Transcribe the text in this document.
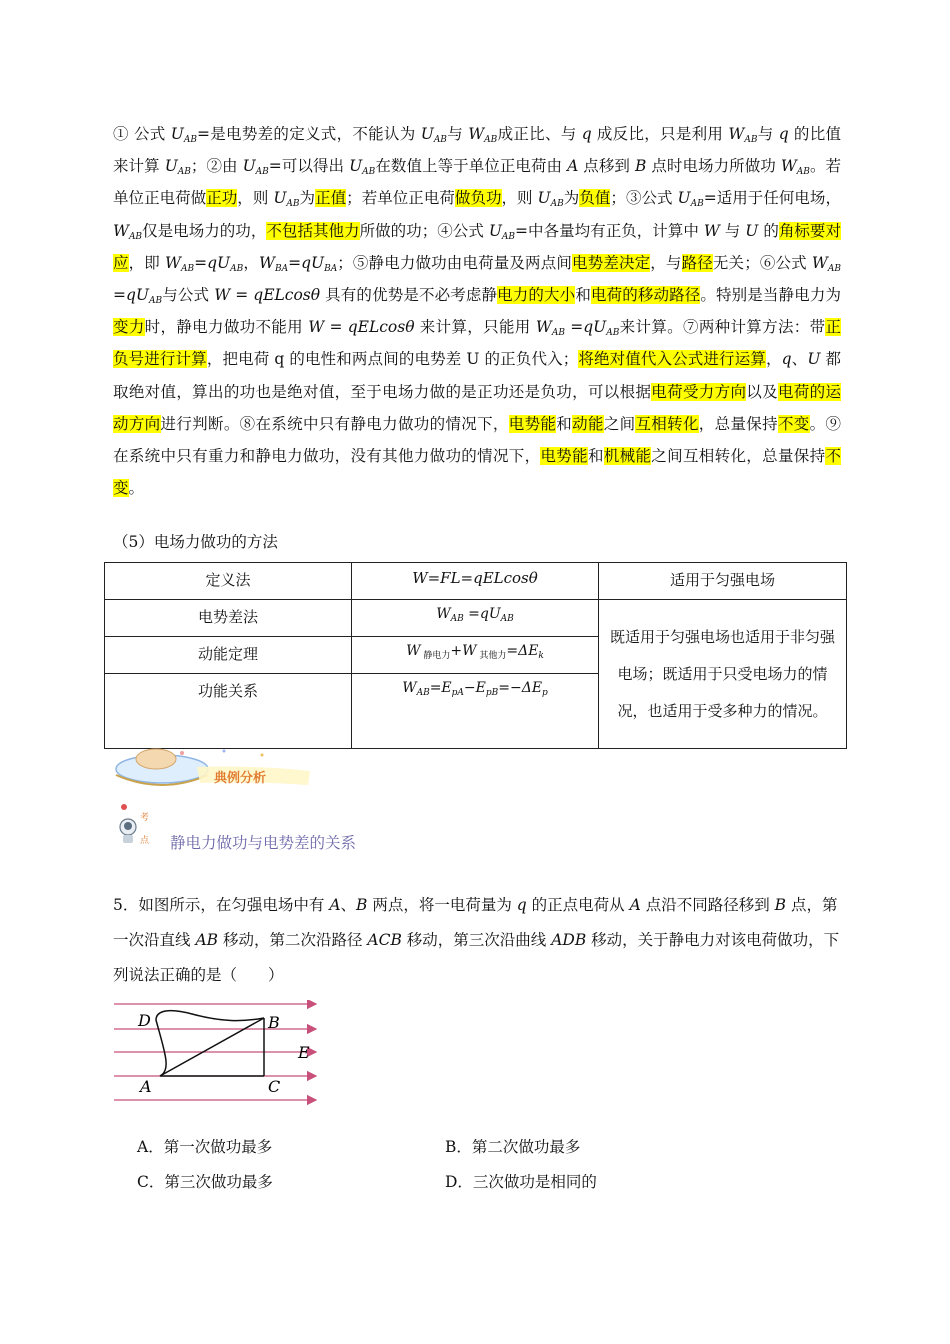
① 公式 $U_{AB}=$是电势差的定义式，不能认为 $U_{AB}$与 $W_{AB}$成正比、与 q 成反比，只是利用 $W_{AB}$与 q 的比值来计算 $U_{AB}$；②由 $U_{AB}=$可以得出 $U_{AB}$在数值上等于单位正电荷由 A 点移到 B 点时电场力所做功 $W_{AB}$。若单位正电荷做正功，则 $U_{AB}$为正值；若单位正电荷做负功，则 $U_{AB}$为负值；③公式 $U_{AB}=$适用于任何电场，$W_{AB}$仅是电场力的功，不包括其他力所做的功；④公式 $U_{AB}=$中各量均有正负，计算中 W 与 U 的角标要对应，即 $W_{AB}=qU_{AB}$，$W_{BA}=qU_{BA}$；⑤静电力做功由电荷量及两点间电势差决定，与路径无关；⑥公式 $W_{AB} =qU_{AB}$与公式 W = qELcosθ 具有的优势是不必考虑静电力的大小和电荷的移动路径。特别是当静电力为变力时，静电力做功不能用 W = qELcosθ 来计算，只能用 $W_{AB} =qU_{AB}$来计算。⑦两种计算方法：带正负号进行计算，把电荷 q 的电性和两点间的电势差 U 的正负代入；将绝对值代入公式进行运算，q、U 都取绝对值，算出的功也是绝对值，至于电场力做的是正功还是负功，可以根据电荷受力方向以及电荷的运动方向进行判断。⑧在系统中只有静电力做功的情况下，电势能和动能之间互相转化，总量保持不变。⑨在系统中只有重力和静电力做功，没有其他力做功的情况下，电势能和机械能之间互相转化，总量保持不变。
（5）电场力做功的方法
定义法	W=FL=qELcosθ	适用于匀强电场
电势差法	$W_{AB} =qU_{AB}$	既适用于匀强电场也适用于非匀强电场；既适用于只受电场力的情况，也适用于受多种力的情况。
动能定理	W $_{静电力}$+W $_{其他力}=\Delta E_k$
功能关系	$W_{AB}=E_{pA}-E_{pB}=-\Delta E_p$
典例分析
考
点 静电力做功与电势差的关系
5．如图所示，在匀强电场中有 A、B 两点，将一电荷量为 q 的正点电荷从 A 点沿不同路径移到 B 点，第一次沿直线 AB 移动，第二次沿路径 ACB 移动，第三次沿曲线 ADB 移动，关于静电力对该电荷做功，下列说法正确的是（　　）
D	B
E
A	C
A．第一次做功最多	B．第二次做功最多
C．第三次做功最多	D．三次做功是相同的
